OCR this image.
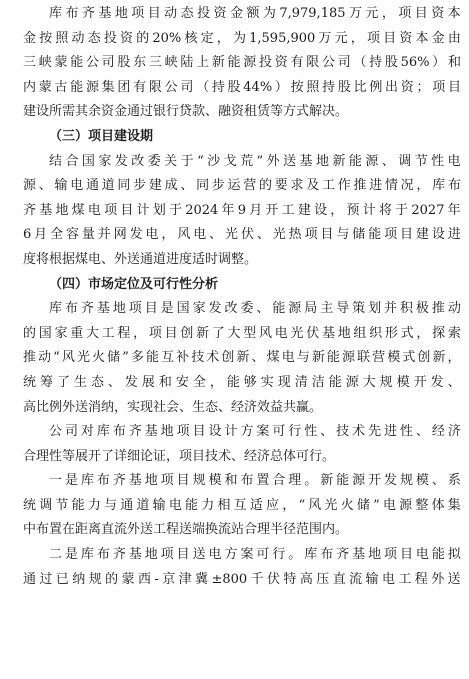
库 布 齐 基 地 项 目 动 态 投 资 金 额 为 7,979,185 万 元 ， 项 目 资 本
金 按 照 动 态 投 资 的 20% 核 定 ， 为 1,595,900 万 元 ， 项 目 资 本 金 由
三 峡 蒙 能 公 司 股 东 三 峡 陆 上 新 能 源 投 资 有 限 公 司 （ 持 股 56% ） 和
内 蒙 古 能 源 集 团 有 限 公 司 （ 持 股 44% ） 按 照 持 股 比 例 出 资 ； 项 目
建设所需其余资金通过银行贷款、融资租赁等方式解决。
（三）项目建设期
结 合 国 家 发 改 委 关 于 “ 沙 戈 荒 ” 外 送 基 地 新 能 源 、 调 节 性 电
源 、 输 电 通 道 同 步 建 成 、 同 步 运 营 的 要 求 及 工 作 推 进 情 况 ， 库 布
齐 基 地 煤 电 项 目 计 划 于 2024 年 9 月 开 工 建 设 ， 预 计 将 于 2027 年
6 月 全 容 量 并 网 发 电 ， 风 电 、 光 伏 、 光 热 项 目 与 储 能 项 目 建 设 进
度将根据煤电、外送通道进度适时调整。
（四）市场定位及可行性分析
库 布 齐 基 地 项 目 是 国 家 发 改 委 、 能 源 局 主 导 策 划 并 积 极 推 动
的 国 家 重 大 工 程 ， 项 目 创 新 了 大 型 风 电 光 伏 基 地 组 织 形 式 ， 探 索
推 动 “ 风 光 火 储 ” 多 能 互 补 技 术 创 新 、 煤 电 与 新 能 源 联 营 模 式 创 新 ，
统 筹 了 生 态 、 发 展 和 安 全 ， 能 够 实 现 清 洁 能 源 大 规 模 开 发 、
高比例外送消纳，实现社会、生态、经济效益共赢。
公 司 对 库 布 齐 基 地 项 目 设 计 方 案 可 行 性 、 技 术 先 进 性 、 经 济
合理性等展开了详细论证，项目技术、经济总体可行。
一 是 库 布 齐 基 地 项 目 规 模 和 布 置 合 理 。 新 能 源 开 发 规 模 、 系
统 调 节 能 力 与 通 道 输 电 能 力 相 互 适 应 ， “ 风 光 火 储 ” 电 源 整 体 集
中布置在距离直流外送工程送端换流站合理半径范围内。
二 是 库 布 齐 基 地 项 目 送 电 方 案 可 行 。 库 布 齐 基 地 项 目 电 能 拟
通 过 已 纳 规 的 蒙 西 - 京 津 冀 ±800 千 伏 特 高 压 直 流 输 电 工 程 外 送
